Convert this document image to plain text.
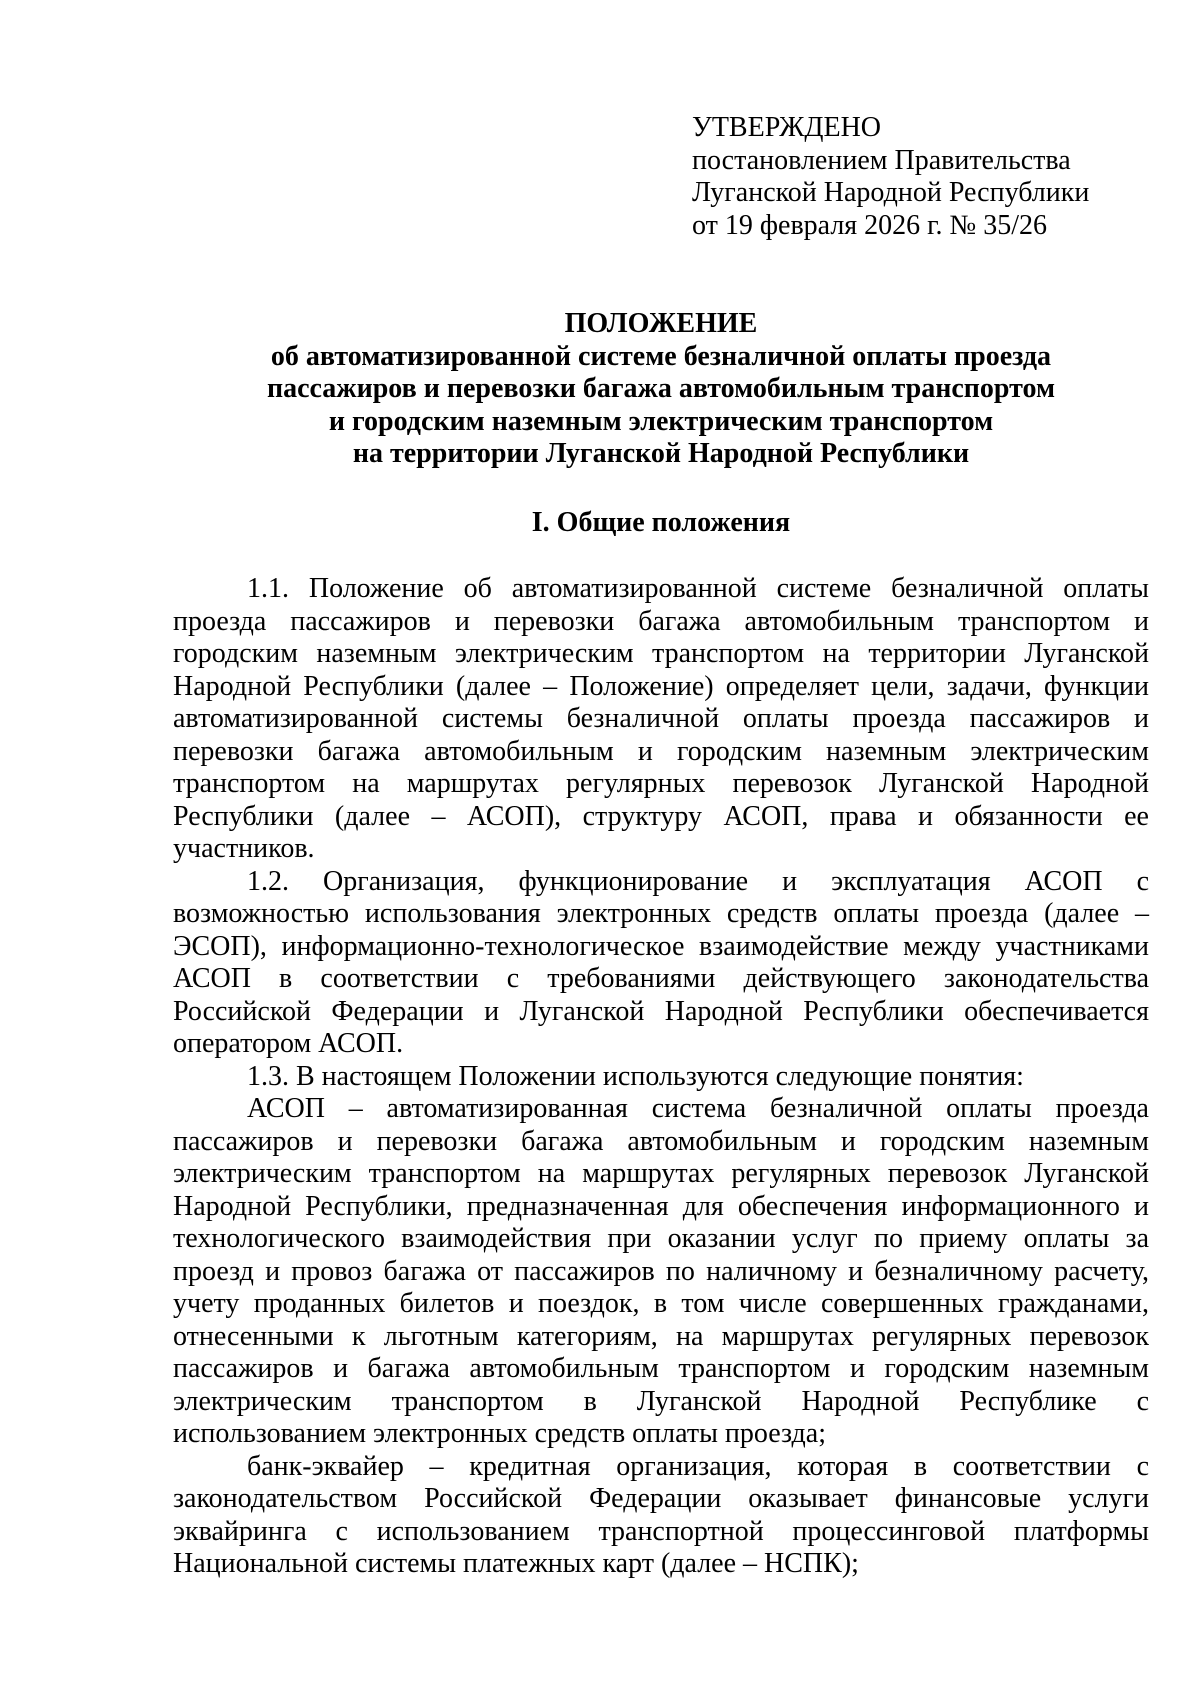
УТВЕРЖДЕНО
постановлением Правительства
Луганской Народной Республики
от 19 февраля 2026 г. № 35/26
ПОЛОЖЕНИЕ
об автоматизированной системе безналичной оплаты проезда
пассажиров и перевозки багажа автомобильным транспортом
и городским наземным электрическим транспортом
на территории Луганской Народной Республики
I. Общие положения

1.1. Положение об автоматизированной системе безналичной оплаты проезда пассажиров и перевозки багажа автомобильным транспортом и городским наземным электрическим транспортом на территории Луганской Народной Республики (далее – Положение) определяет цели, задачи, функции автоматизированной системы безналичной оплаты проезда пассажиров и перевозки багажа автомобильным и городским наземным электрическим транспортом на маршрутах регулярных перевозок Луганской Народной Республики (далее – АСОП), структуру АСОП, права и обязанности ее участников.

1.2. Организация, функционирование и эксплуатация АСОП с возможностью использования электронных средств оплаты проезда (далее – ЭСОП), информационно-технологическое взаимодействие между участниками АСОП в соответствии с требованиями действующего законодательства Российской Федерации и Луганской Народной Республики обеспечивается оператором АСОП.

1.3. В настоящем Положении используются следующие понятия:

АСОП – автоматизированная система безналичной оплаты проезда пассажиров и перевозки багажа автомобильным и городским наземным электрическим транспортом на маршрутах регулярных перевозок Луганской Народной Республики, предназначенная для обеспечения информационного и технологического взаимодействия при оказании услуг по приему оплаты за проезд и провоз багажа от пассажиров по наличному и безналичному расчету, учету проданных билетов и поездок, в том числе совершенных гражданами, отнесенными к льготным категориям, на маршрутах регулярных перевозок пассажиров и багажа автомобильным транспортом и городским наземным электрическим транспортом в Луганской Народной Республике с использованием электронных средств оплаты проезда;

банк-эквайер – кредитная организация, которая в соответствии с законодательством Российской Федерации оказывает финансовые услуги эквайринга с использованием транспортной процессинговой платформы Национальной системы платежных карт (далее – НСПК);
